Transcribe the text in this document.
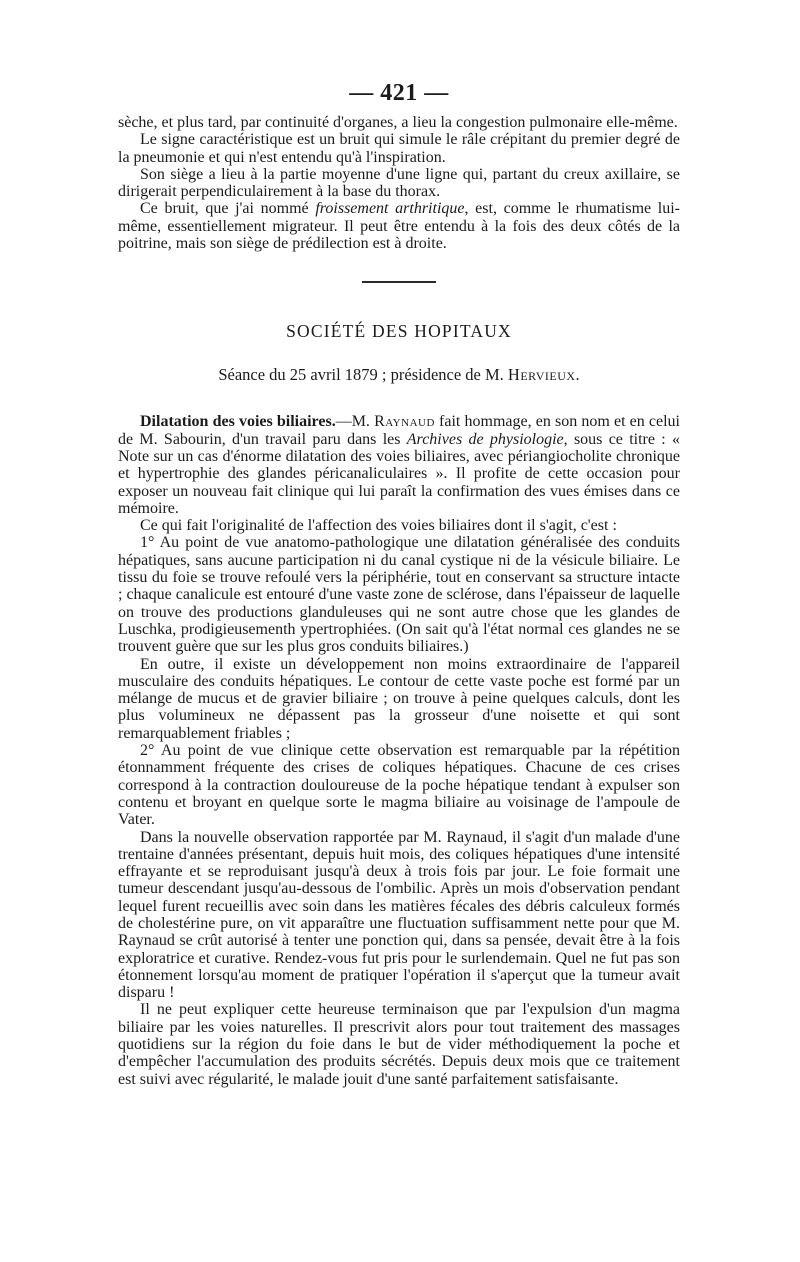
— 421 —

sèche, et plus tard, par continuité d'organes, a lieu la congestion pulmonaire elle-même.

Le signe caractéristique est un bruit qui simule le râle crépitant du premier degré de la pneumonie et qui n'est entendu qu'à l'inspiration.

Son siège a lieu à la partie moyenne d'une ligne qui, partant du creux axillaire, se dirigerait perpendiculairement à la base du thorax.

Ce bruit, que j'ai nommé froissement arthritique, est, comme le rhumatisme lui-même, essentiellement migrateur. Il peut être entendu à la fois des deux côtés de la poitrine, mais son siège de prédilection est à droite.

SOCIÉTÉ DES HOPITAUX
Séance du 25 avril 1879 ; présidence de M. Hervieux.

Dilatation des voies biliaires.—M. Raynaud fait hommage, en son nom et en celui de M. Sabourin, d'un travail paru dans les Archives de physiologie, sous ce titre : « Note sur un cas d'énorme dilatation des voies biliaires, avec périangiocholite chronique et hypertrophie des glandes péricanaliculaires ». Il profite de cette occasion pour exposer un nouveau fait clinique qui lui paraît la confirmation des vues émises dans ce mémoire.

Ce qui fait l'originalité de l'affection des voies biliaires dont il s'agit, c'est :

1° Au point de vue anatomo-pathologique une dilatation généralisée des conduits hépatiques, sans aucune participation ni du canal cystique ni de la vésicule biliaire. Le tissu du foie se trouve refoulé vers la périphérie, tout en conservant sa structure intacte ; chaque canalicule est entouré d'une vaste zone de sclérose, dans l'épaisseur de laquelle on trouve des productions glanduleuses qui ne sont autre chose que les glandes de Luschka, prodigieusementh ypertrophiées. (On sait qu'à l'état normal ces glandes ne se trouvent guère que sur les plus gros conduits biliaires.)

En outre, il existe un développement non moins extraordinaire de l'appareil musculaire des conduits hépatiques. Le contour de cette vaste poche est formé par un mélange de mucus et de gravier biliaire ; on trouve à peine quelques calculs, dont les plus volumineux ne dépassent pas la grosseur d'une noisette et qui sont remarquablement friables ;

2° Au point de vue clinique cette observation est remarquable par la répétition étonnamment fréquente des crises de coliques hépatiques. Chacune de ces crises correspond à la contraction douloureuse de la poche hépatique tendant à expulser son contenu et broyant en quelque sorte le magma biliaire au voisinage de l'ampoule de Vater.

Dans la nouvelle observation rapportée par M. Raynaud, il s'agit d'un malade d'une trentaine d'années présentant, depuis huit mois, des coliques hépatiques d'une intensité effrayante et se reproduisant jusqu'à deux à trois fois par jour. Le foie formait une tumeur descendant jusqu'au-dessous de l'ombilic. Après un mois d'observation pendant lequel furent recueillis avec soin dans les matières fécales des débris calculeux formés de cholestérine pure, on vit apparaître une fluctuation suffisamment nette pour que M. Raynaud se crût autorisé à tenter une ponction qui, dans sa pensée, devait être à la fois exploratrice et curative. Rendez-vous fut pris pour le surlendemain. Quel ne fut pas son étonnement lorsqu'au moment de pratiquer l'opération il s'aperçut que la tumeur avait disparu !

Il ne peut expliquer cette heureuse terminaison que par l'expulsion d'un magma biliaire par les voies naturelles. Il prescrivit alors pour tout traitement des massages quotidiens sur la région du foie dans le but de vider méthodiquement la poche et d'empêcher l'accumulation des produits sécrétés. Depuis deux mois que ce traitement est suivi avec régularité, le malade jouit d'une santé parfaitement satisfaisante.
